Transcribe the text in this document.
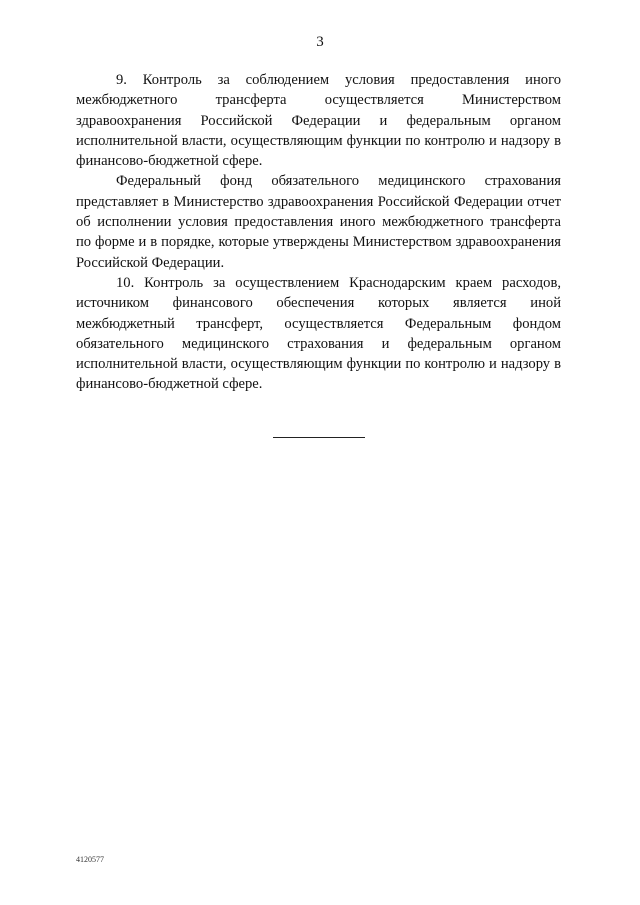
3

9. Контроль за соблюдением условия предоставления иного межбюджетного трансферта осуществляется Министерством здравоохранения Российской Федерации и федеральным органом исполнительной власти, осуществляющим функции по контролю и надзору в финансово-бюджетной сфере.

Федеральный фонд обязательного медицинского страхования представляет в Министерство здравоохранения Российской Федерации отчет об исполнении условия предоставления иного межбюджетного трансферта по форме и в порядке, которые утверждены Министерством здравоохранения Российской Федерации.

10. Контроль за осуществлением Краснодарским краем расходов, источником финансового обеспечения которых является иной межбюджетный трансферт, осуществляется Федеральным фондом обязательного медицинского страхования и федеральным органом исполнительной власти, осуществляющим функции по контролю и надзору в финансово-бюджетной сфере.

4120577
